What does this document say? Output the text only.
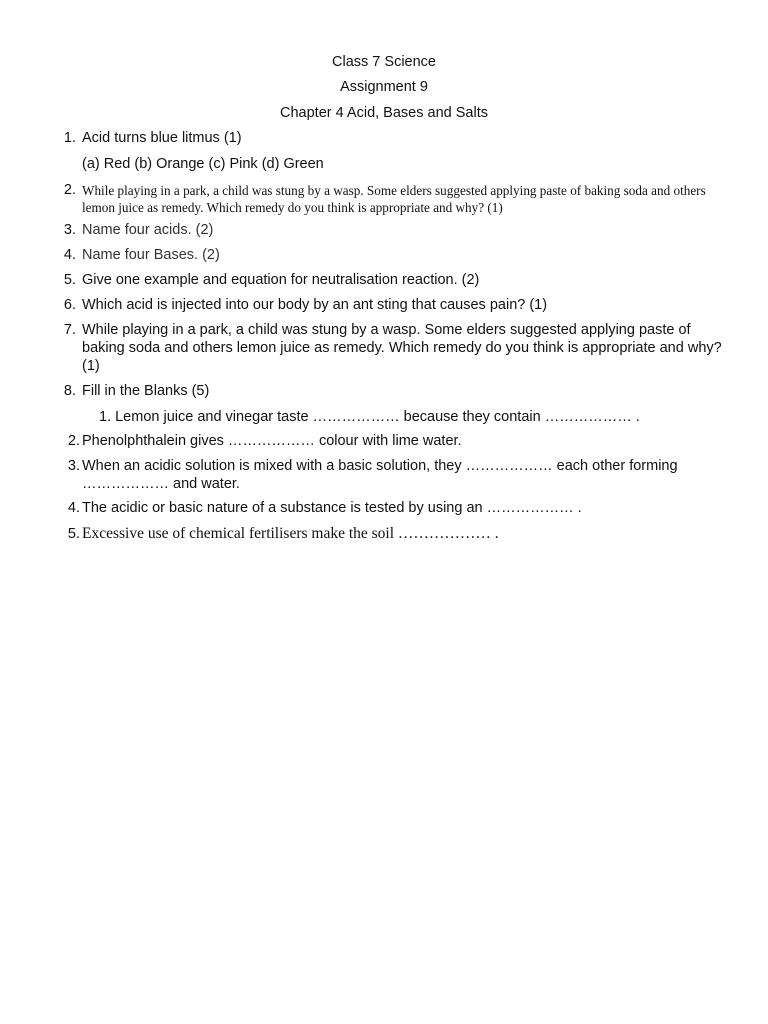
Class 7 Science
Assignment 9
Chapter 4 Acid, Bases and Salts
1. Acid turns blue litmus (1)
(a) Red (b) Orange (c) Pink (d) Green
2. While playing in a park, a child was stung by a wasp. Some elders suggested applying paste of baking soda and others lemon juice as remedy. Which remedy do you think is appropriate and why? (1)
3. Name four acids. (2)
4. Name four Bases. (2)
5. Give one example and equation for neutralisation reaction. (2)
6. Which acid is injected into our body by an ant sting that causes pain? (1)
7. While playing in a park, a child was stung by a wasp. Some elders suggested applying paste of baking soda and others lemon juice as remedy. Which remedy do you think is appropriate and why? (1)
8. Fill in the Blanks (5)
1. Lemon juice and vinegar taste ……………… because they contain ……………… .
2. Phenolphthalein gives ……………… colour with lime water.
3. When an acidic solution is mixed with a basic solution, they ……………… each other forming ……………… and water.
4. The acidic or basic nature of a substance is tested by using an ……………… .
5. Excessive use of chemical fertilisers make the soil ……………… .
